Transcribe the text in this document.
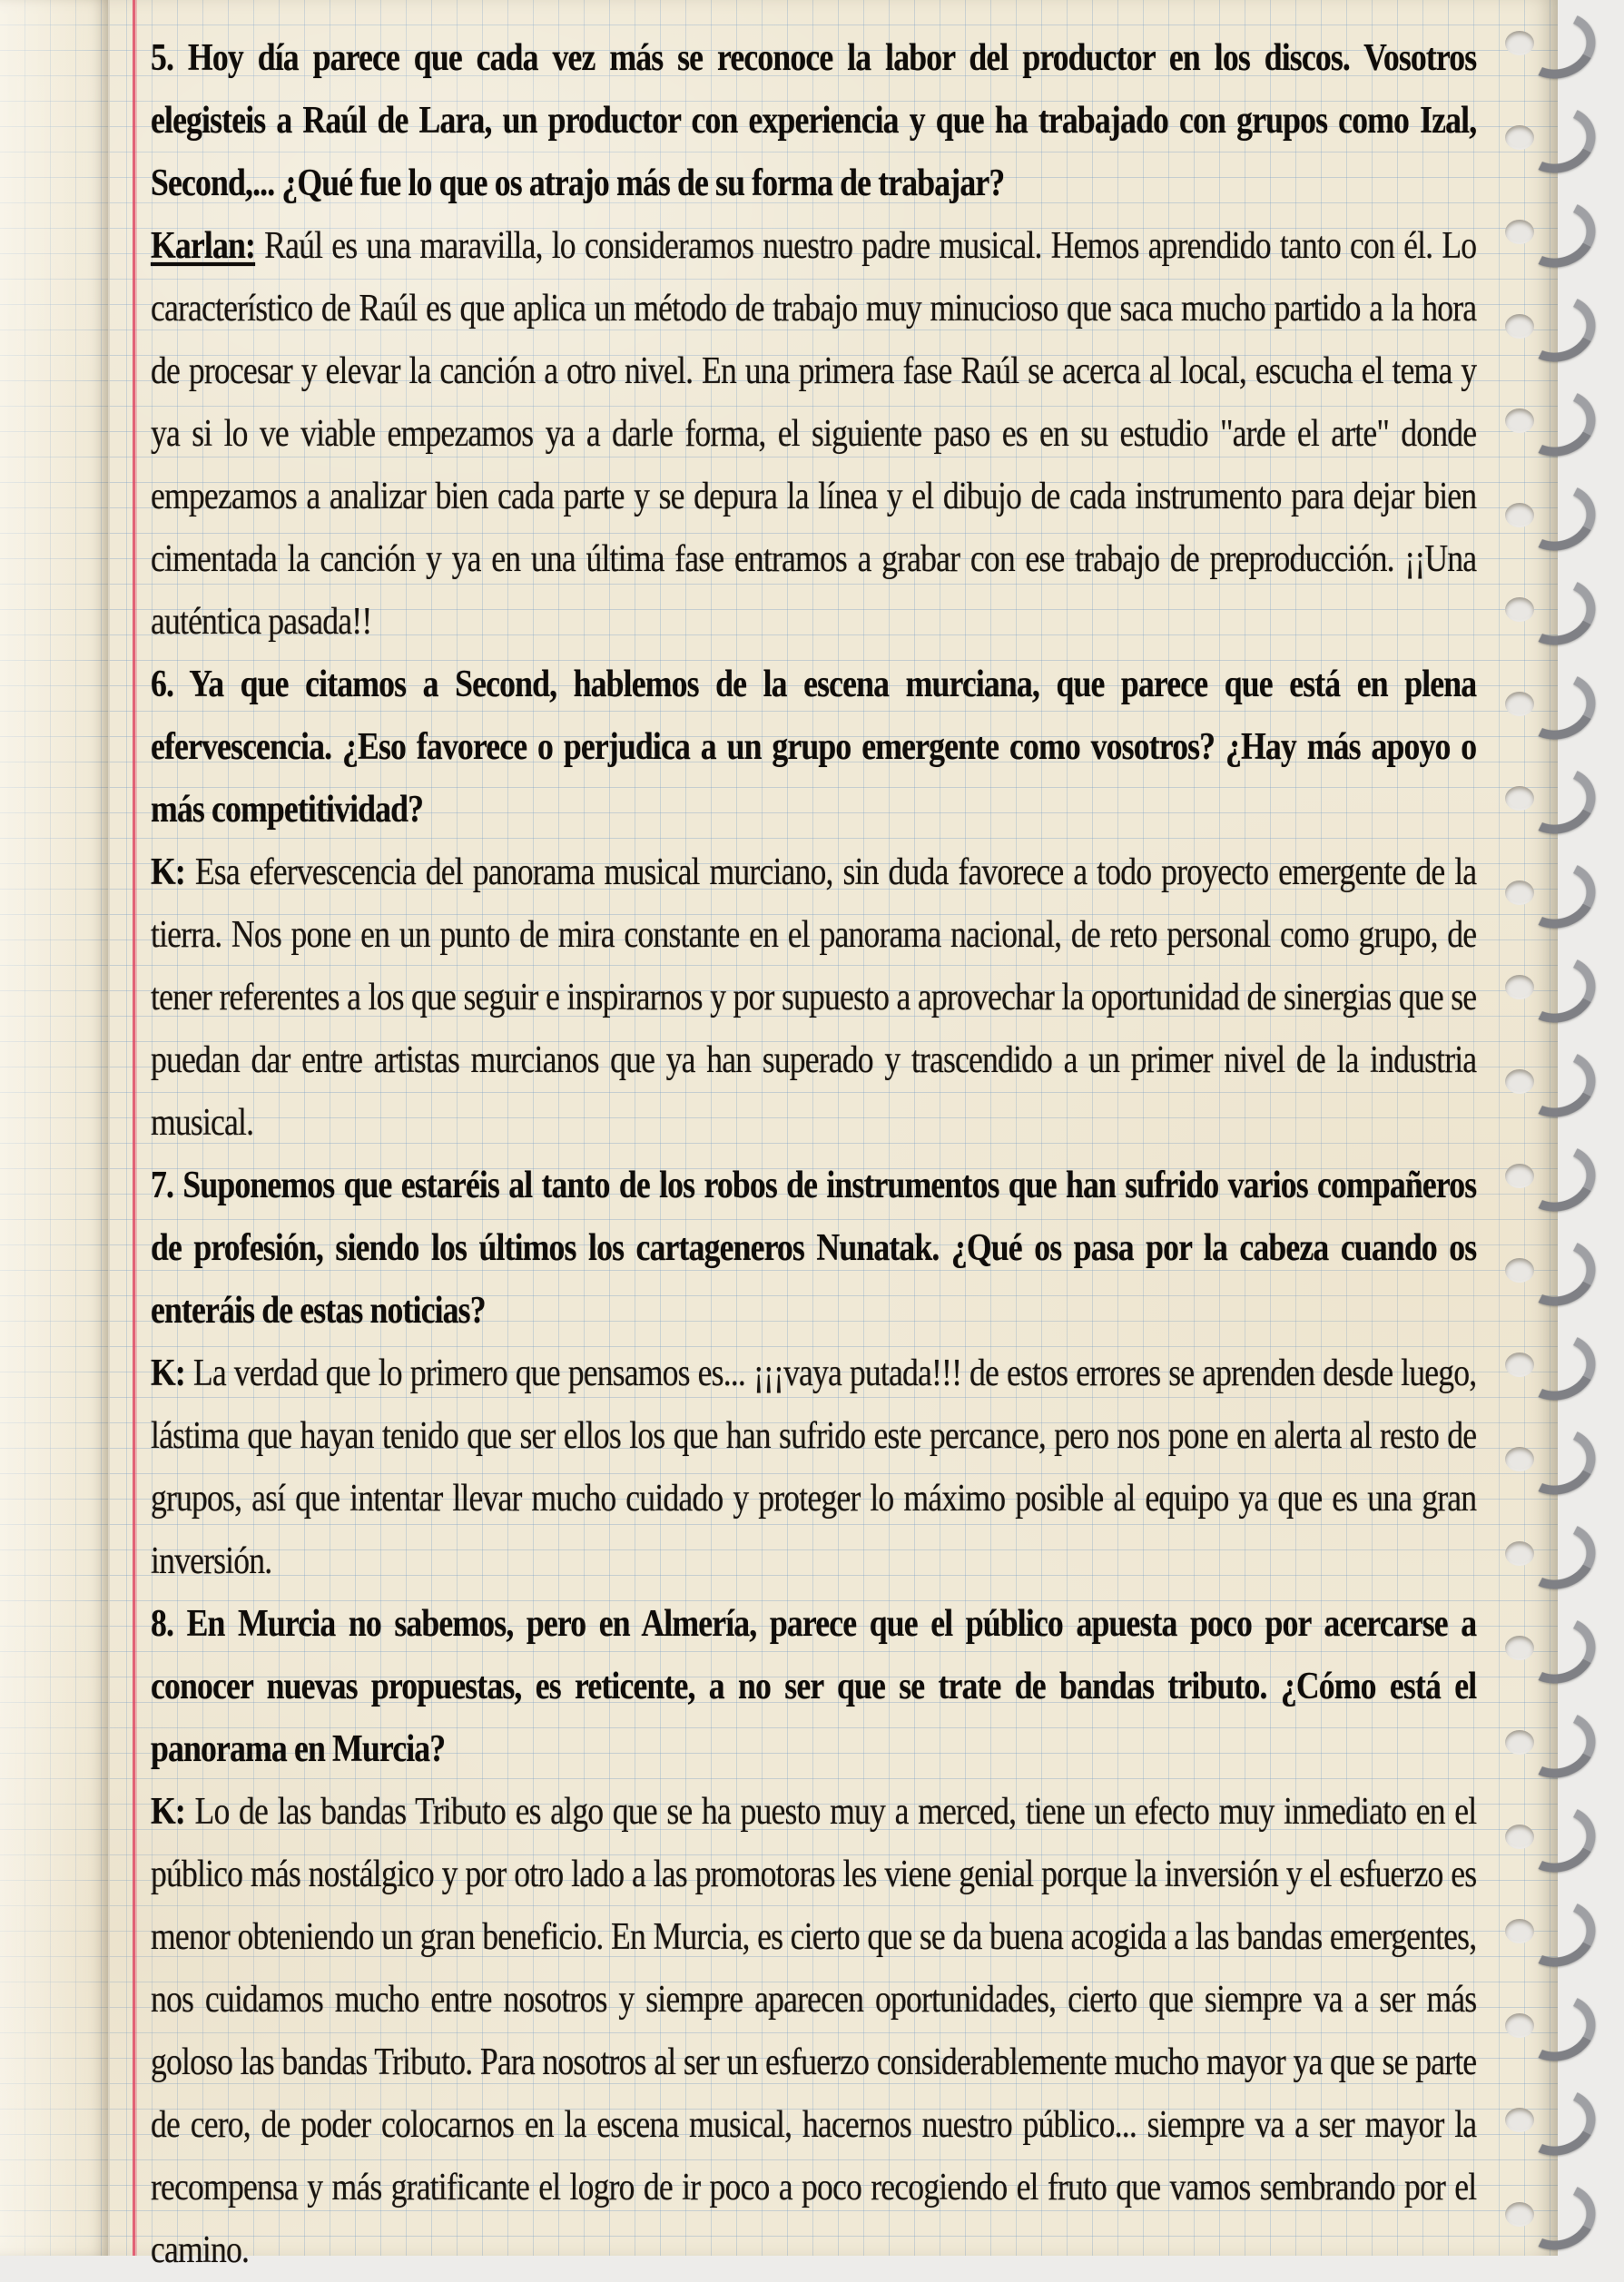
5. Hoy día parece que cada vez más se reconoce la labor del productor en los discos. Vosotros elegisteis a Raúl de Lara, un productor con experiencia y que ha trabajado con grupos como Izal, Second,... ¿Qué fue lo que os atrajo más de su forma de trabajar?

Karlan: Raúl es una maravilla, lo consideramos nuestro padre musical. Hemos aprendido tanto con él. Lo característico de Raúl es que aplica un método de trabajo muy minucioso que saca mucho partido a la hora de procesar y elevar la canción a otro nivel. En una primera fase Raúl se acerca al local, escucha el tema y ya si lo ve viable empezamos ya a darle forma, el siguiente paso es en su estudio "arde el arte" donde empezamos a analizar bien cada parte y se depura la línea y el dibujo de cada instrumento para dejar bien cimentada la canción y ya en una última fase entramos a grabar con ese trabajo de preproducción. ¡¡Una auténtica pasada!!

6. Ya que citamos a Second, hablemos de la escena murciana, que parece que está en plena efervescencia. ¿Eso favorece o perjudica a un grupo emergente como vosotros? ¿Hay más apoyo o más competitividad?

K: Esa efervescencia del panorama musical murciano, sin duda favorece a todo proyecto emergente de la tierra. Nos pone en un punto de mira constante en el panorama nacional, de reto personal como grupo, de tener referentes a los que seguir e inspirarnos y por supuesto a aprovechar la oportunidad de sinergias que se puedan dar entre artistas murcianos que ya han superado y trascendido a un primer nivel de la industria musical.

7. Suponemos que estaréis al tanto de los robos de instrumentos que han sufrido varios compañeros de profesión, siendo los últimos los cartageneros Nunatak. ¿Qué os pasa por la cabeza cuando os enteráis de estas noticias?

K: La verdad que lo primero que pensamos es... ¡¡¡vaya putada!!! de estos errores se aprenden desde luego, lástima que hayan tenido que ser ellos los que han sufrido este percance, pero nos pone en alerta al resto de grupos, así que intentar llevar mucho cuidado y proteger lo máximo posible al equipo ya que es una gran inversión.

8. En Murcia no sabemos, pero en Almería, parece que el público apuesta poco por acercarse a conocer nuevas propuestas, es reticente, a no ser que se trate de bandas tributo. ¿Cómo está el panorama en Murcia?

K: Lo de las bandas Tributo es algo que se ha puesto muy a merced, tiene un efecto muy inmediato en el público más nostálgico y por otro lado a las promotoras les viene genial porque la inversión y el esfuerzo es menor obteniendo un gran beneficio. En Murcia, es cierto que se da buena acogida a las bandas emergentes, nos cuidamos mucho entre nosotros y siempre aparecen oportunidades, cierto que siempre va a ser más goloso las bandas Tributo. Para nosotros al ser un esfuerzo considerablemente mucho mayor ya que se parte de cero, de poder colocarnos en la escena musical, hacernos nuestro público... siempre va a ser mayor la recompensa y más gratificante el logro de ir poco a poco recogiendo el fruto que vamos sembrando por el camino.
